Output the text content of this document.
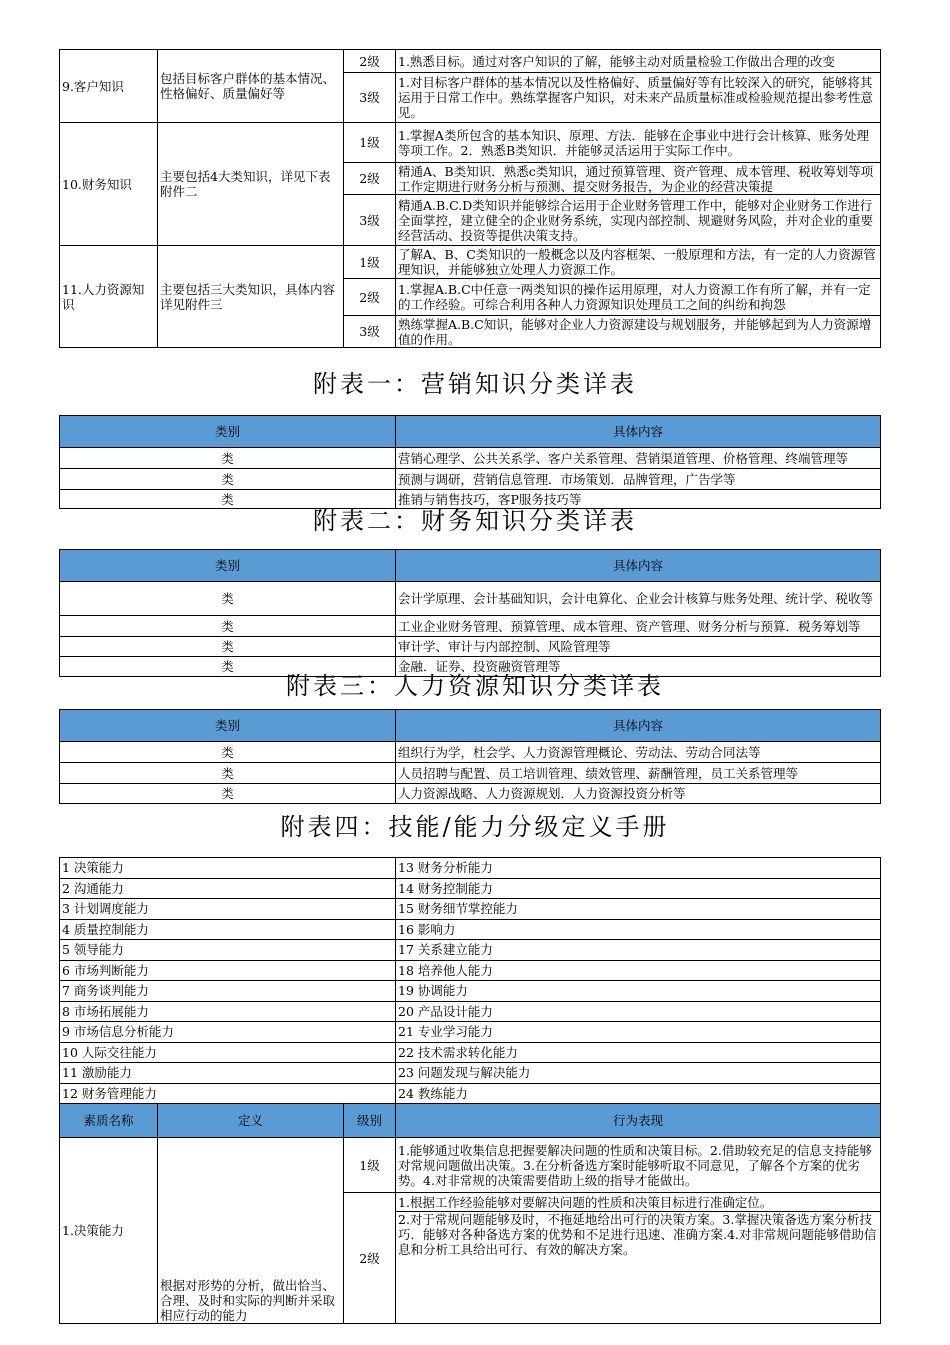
9.客户知识	包括目标客户群体的基本情况、性格偏好、质量偏好等	2级	1.熟悉目标。通过对客户知识的了解，能够主动对质量检验工作做出合理的改变
		3级	1.对目标客户群体的基本情况以及性格偏好、质量偏好等有比较深入的研究，能够将其运用于日常工作中。熟练掌握客户知识，对未来产品质量标准或检验规范提出参考性意见。
10.财务知识	主要包括4大类知识，详见下表附件二	1级	1.掌握A类所包含的基本知识、原理、方法．能够在企事业中进行会计核算、账务处理等项工作。2．熟悉B类知识．并能够灵活运用于实际工作中。
		2级	精通A、B类知识．熟悉c类知识，通过预算管理、资产管理、成本管理、税收筹划等项工作定期进行财务分析与预测、提交财务报告，为企业的经营决策提
		3级	精通A.B.C.D类知识并能够综合运用于企业财务管理工作中，能够对企业财务工作进行全面掌控，建立健全的企业财务系统，实现内部控制、规避财务风险，并对企业的重要经营活动、投资等提供决策支持。
11.人力资源知识	主要包括三大类知识，具体内容详见附件三	1级	了解A、B、C类知识的一般概念以及内容框架、一般原理和方法，有一定的人力资源管理知识，并能够独立处理人力资源工作。
		2级	1.掌握A.B.C中任意一两类知识的操作运用原理，对人力资源工作有所了解，并有一定的工作经验。可综合利用各种人力资源知识处理员工之间的纠纷和拘怨
		3级	熟练掌握A.B.C知识，能够对企业人力资源建设与规划服务，并能够起到为人力资源增值的作用。
附表一：营销知识分类详表
类别	具体内容
类	营销心理学、公共关系学、客户关系管理、营销渠道管理、价格管理、终端管理等
类	预测与调研，营销信息管理．市场策划．品牌管理，广告学等
类	推销与销售技巧，客P服务技巧等
附表二：财务知识分类详表
类别	具体内容
类	会计学原理、会计基础知识，会计电算化、企业会计核算与账务处理、统计学、税收等
类	工业企业财务管理、预算管理、成本管理、资产管理、财务分析与预算．税务筹划等
类	审计学、审计与内部控制、风险管理等
类	金融．证券、投资融资管理等
附表三：人力资源知识分类详表
类别	具体内容
类	组织行为学，杜会学、人力资源管理概论、劳动法、劳动合同法等
类	人员招聘与配置、员工培训管理、绩效管理、薪酬管理，员工关系管理等
类	人力资源战略、人力资源规划．人力资源投资分析等
附表四：技能/能力分级定义手册
1 决策能力	13 财务分析能力
2 沟通能力	14 财务控制能力
3 计划调度能力	15 财务细节掌控能力
4 质量控制能力	16 影响力
5 领导能力	17 关系建立能力
6 市场判断能力	18 培养他人能力
7 商务谈判能力	19 协调能力
8 市场拓展能力	20 产品设计能力
9 市场信息分析能力	21 专业学习能力
10 人际交往能力	22 技术需求转化能力
11 激励能力	23 问题发现与解决能力
12 财务管理能力	24 教练能力
素质名称	定义	级别	行为表现
1.决策能力	根据对形势的分析，做出恰当、合理、及时和实际的判断并采取相应行动的能力	1级	1.能够通过收集信息把握要解决问题的性质和决策目标。2.借助较充足的信息支持能够对常规问题做出决策。3.在分析备选方案时能够听取不同意见，了解各个方案的优劣势。4.对非常规的决策需要借助上级的指导才能做出。
		2级	1.根据工作经验能够对要解决问题的性质和决策目标进行准确定位。
			2.对于常规问题能够及时，不拖延地给出可行的决策方案。3.掌握决策备选方案分析技巧．能够对各种备选方案的优势和不足进行迅速、准确方案.4.对非常规问题能够借助信息和分析工具给出可行、有效的解决方案。
